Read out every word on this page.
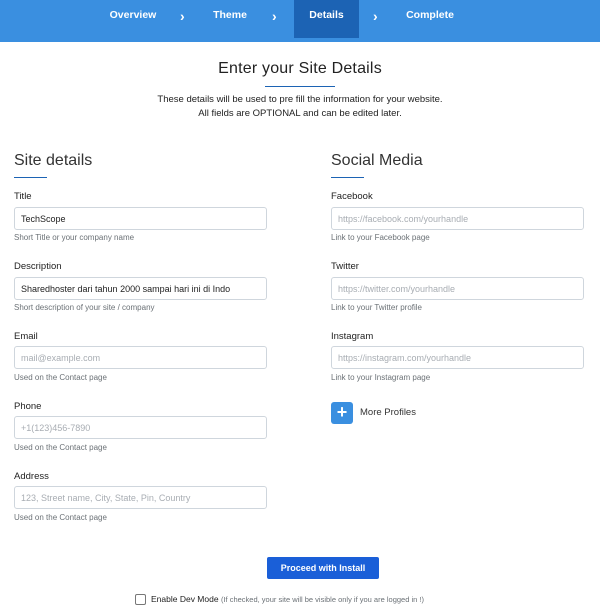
Overview	›	Theme	›	Details	›	Complete
Enter your Site Details
These details will be used to pre fill the information for your website.
All fields are OPTIONAL and can be edited later.
Site details
Title
TechScope
Short Title or your company name
Description
Sharedhoster dari tahun 2000 sampai hari ini di Indo
Short description of your site / company
Email
mail@example.com
Used on the Contact page
Phone
+1(123)456-7890
Used on the Contact page
Address
123, Street name, City, State, Pin, Country
Used on the Contact page
Social Media
Facebook
https://facebook.com/yourhandle
Link to your Facebook page
Twitter
https://twitter.com/yourhandle
Link to your Twitter profile
Instagram
https://instagram.com/yourhandle
Link to your Instagram page
+	More Profiles
Proceed with Install
Enable Dev Mode (If checked, your site will be visible only if you are logged in !)
